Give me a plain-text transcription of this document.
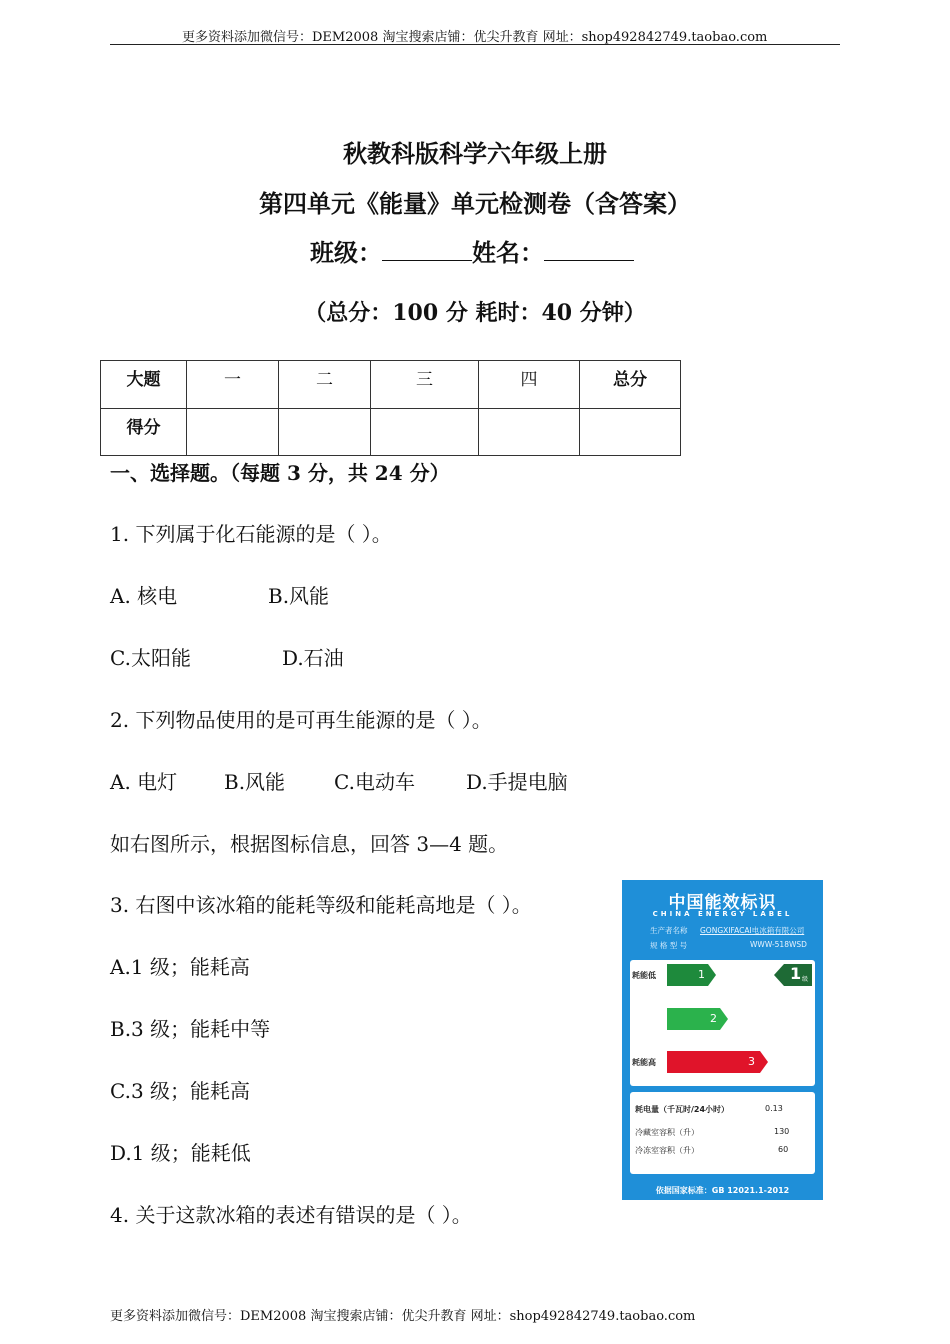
更多资料添加微信号：DEM2008 淘宝搜索店铺：优尖升教育 网址：shop492842749.taobao.com
秋教科版科学六年级上册
第四单元《能量》单元检测卷（含答案）
班级：	姓名：
（总分：100 分 耗时：40 分钟）
大题	一	二	三	四	总分
得分					
一、选择题。（每题 3 分，共 24 分）
1. 下列属于化石能源的是（ ）。
A. 核电	B.风能
C.太阳能	D.石油
2. 下列物品使用的是可再生能源的是（ ）。
A. 电灯 B.风能 C.电动车	D.手提电脑
如右图所示，根据图标信息，回答 3—4 题。
3. 右图中该冰箱的能耗等级和能耗高地是（ ）。
A.1 级；能耗高
B.3 级；能耗中等
C.3 级；能耗高
D.1 级；能耗低
4. 关于这款冰箱的表述有错误的是（ ）。
中国能效标识
CHINA ENERGY LABEL
生产者名称 GONGXIFACAI电冰箱有限公司
规 格 型 号	WWW-518WSD
耗能低
耗能高
1
2
3
1 级
耗电量（千瓦时/24小时）	0.13
冷藏室容积（升）	130
冷冻室容积（升）	60
依据国家标准：GB 12021.1-2012
更多资料添加微信号：DEM2008 淘宝搜索店铺：优尖升教育 网址：shop492842749.taobao.com
